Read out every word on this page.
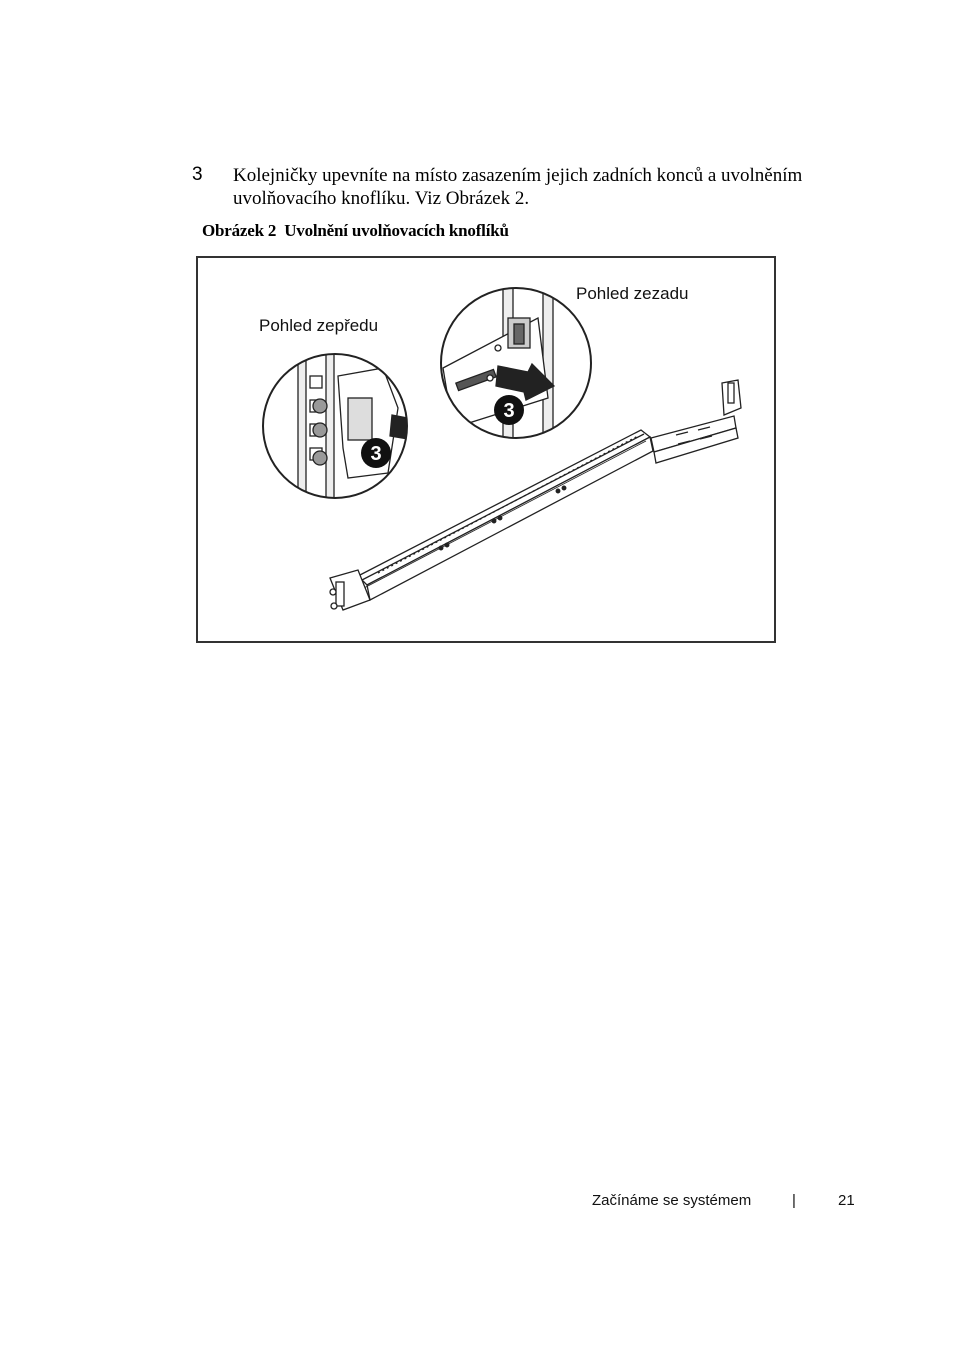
3 Kolejničky upevníte na místo zasazením jejich zadních konců a uvolněním uvolňovacího knoflíku. Viz Obrázek 2.
Obrázek 2 Uvolnění uvolňovacích knoflíků
3
3
Pohled zepředu
Pohled zezadu
Začínáme se systémem	|	21
